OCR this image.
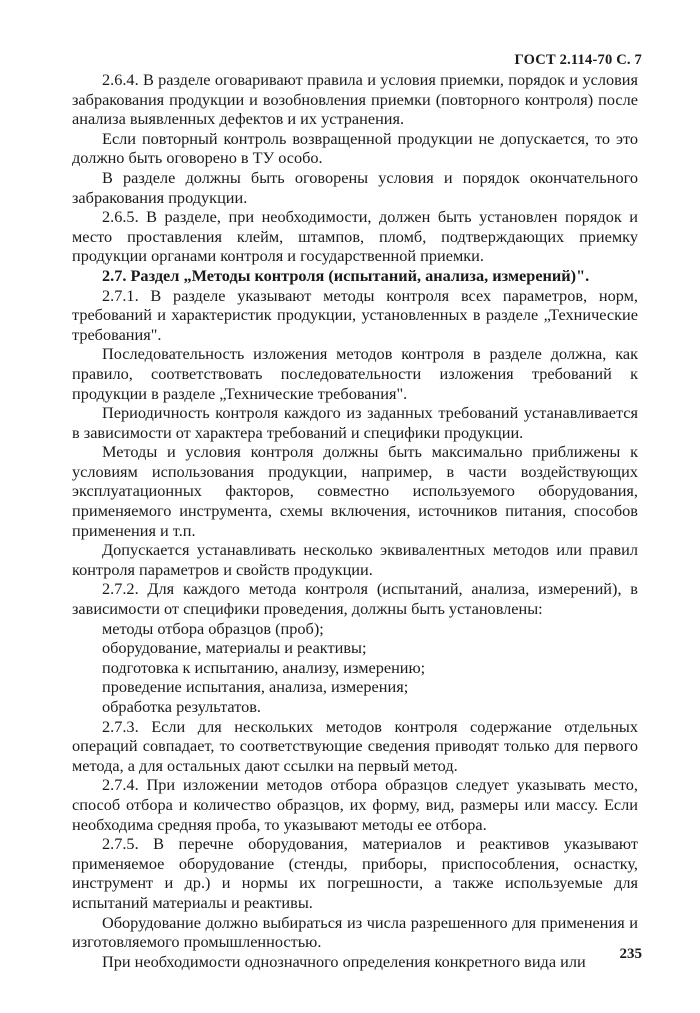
ГОСТ 2.114-70 С. 7

2.6.4. В разделе оговаривают правила и условия приемки, порядок и условия забракования продукции и возобновления приемки (повторного контроля) после анализа выявленных дефектов и их устранения.

Если повторный контроль возвращенной продукции не допускается, то это должно быть оговорено в ТУ особо.

В разделе должны быть оговорены условия и порядок окончательного забракования продукции.

2.6.5. В разделе, при необходимости, должен быть установлен порядок и место проставления клейм, штампов, пломб, подтверждающих приемку продукции органами контроля и государственной приемки.

2.7. Раздел „Методы контроля (испытаний, анализа, измерений)".

2.7.1. В разделе указывают методы контроля всех параметров, норм, требований и характеристик продукции, установленных в разделе „Технические требования".

Последовательность изложения методов контроля в разделе должна, как правило, соответствовать последовательности изложения требований к продукции в разделе „Технические требования".

Периодичность контроля каждого из заданных требований устанавливается в зависимости от характера требований и специфики продукции.

Методы и условия контроля должны быть максимально приближены к условиям использования продукции, например, в части воздействующих эксплуатационных факторов, совместно используемого оборудования, применяемого инструмента, схемы включения, источников питания, способов применения и т.п.

Допускается устанавливать несколько эквивалентных методов или правил контроля параметров и свойств продукции.

2.7.2. Для каждого метода контроля (испытаний, анализа, измерений), в зависимости от специфики проведения, должны быть установлены:

методы отбора образцов (проб);

оборудование, материалы и реактивы;

подготовка к испытанию, анализу, измерению;

проведение испытания, анализа, измерения;

обработка результатов.

2.7.3. Если для нескольких методов контроля содержание отдельных операций совпадает, то соответствующие сведения приводят только для первого метода, а для остальных дают ссылки на первый метод.

2.7.4. При изложении методов отбора образцов следует указывать место, способ отбора и количество образцов, их форму, вид, размеры или массу. Если необходима средняя проба, то указывают методы ее отбора.

2.7.5. В перечне оборудования, материалов и реактивов указывают применяемое оборудование (стенды, приборы, приспособления, оснастку, инструмент и др.) и нормы их погрешности, а также используемые для испытаний материалы и реактивы.

Оборудование должно выбираться из числа разрешенного для применения и изготовляемого промышленностью.

При необходимости однозначного определения конкретного вида или	235
